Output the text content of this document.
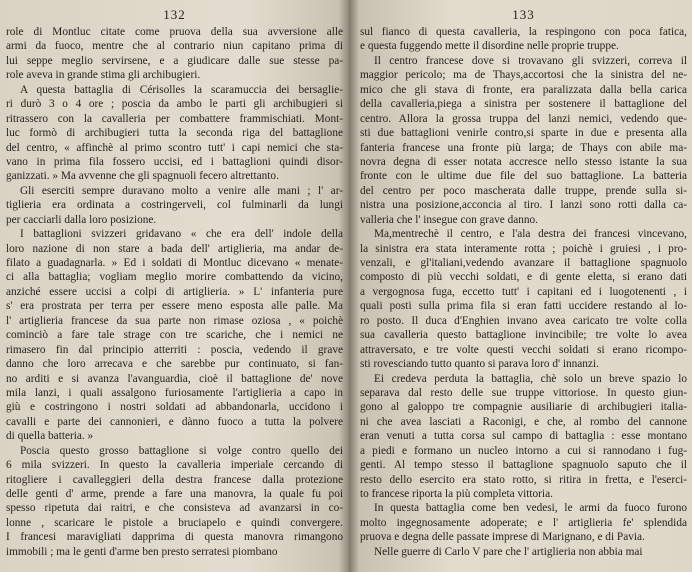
132
role di Montluc citate come pruova della sua avversione alle
armi da fuoco, mentre che al contrario niun capitano prima di
lui seppe meglio servirsene, e a giudicare dalle sue stesse pa-
role aveva in grande stima gli archibugieri.
A questa battaglia di Cérisolles la scaramuccia dei bersaglie-
ri durò 3 o 4 ore ; posciа da ambo le parti gli archibugieri si
ritrassero con la cavalleria per combattere frammischiati. Mont-
luc formò di archibugieri tutta la seconda riga del battaglione
del centro, « affinchè al primo scontro tutt' i capi nemici che sta-
vano in prima fila fossero uccisi, ed i battaglioni quindi disor-
ganizzati. » Ma avvenne che gli spagnuoli fecero altrettanto.
Gli eserciti sempre duravano molto a venire alle mani ; l' ar-
tiglieria era ordinata a costringerveli, col fulminarli da lungi
per cacciarli dalla loro posizione.
I battaglioni svizzeri gridavano « che era dell' indole della
loro nazione di non stare a bada dell' artiglieria, ma andar de-
filato a guadagnarla. » Ed i soldati di Montluc dicevano « menate-
ci alla battaglia; vogliam meglio morire combattendo da vicino,
anziché essere uccisi a colpi di artiglieria. » L' infanteria pure
s' era prostrata per terra per essere meno esposta alle palle. Ma
l' artiglieria francese da sua parte non rimase oziosa , « poichè
cominciò a fare tale strage con tre scariche, che i nemici ne
rimasero fin dal principio atterriti : poscia, vedendo il grave
danno che loro arrecava e che sarebbe pur continuato, si fan-
no arditi e si avanza l'avanguardia, cioè il battaglione de' nove
mila lanzi, i quali assalgono furiosamente l'artiglieria a capo in
giù e costringono i nostri soldati ad abbandonarla, uccidono i
cavalli e parte dei cannonieri, e dànno fuoco a tutta la polvere
di quella batteria. »
Poscia questo grosso battaglione si volge contro quello dei
6 mila svizzeri. In questo la cavalleria imperiale cercando di
ritogliere i cavalleggieri della destra francese dalla protezione
delle genti d' arme, prende a fare una manovra, la quale fu poi
spesso ripetuta dai raitri, e che consisteva ad avanzarsi in co-
lonne , scaricare le pistole a bruciapelo e quindi convergere.
I francesi maravigliati dapprima di questa manovra rimangono
immobili ; ma le genti d'arme ben presto serratesi piombano
133
sul fianco di questa cavalleria, la respingono con poca fatica,
e questa fuggendo mette il disordine nelle proprie truppe.
Il centro francese dove si trovavano gli svizzeri, correva il
maggior pericolo; ma de Thays,accortosi che la sinistra del ne-
mico che gli stava di fronte, era paralizzata dalla bella carica
della cavalleria,piega a sinistra per sostenere il battaglione del
centro. Allora la grossa truppa del lanzi nemici, vedendo que-
sti due battaglioni venirle contro,si sparte in due e presenta alla
fanteria francese una fronte più larga; de Thays con abile ma-
novra degna di esser notata accresce nello stesso istante la sua
fronte con le ultime due file del suo battaglione. La batteria
del centro per poco mascherata dalle truppe, prende sulla si-
nistra una posizione,acconcia al tiro. I lanzi sono rotti dalla ca-
valleria che l' insegue con grave danno.
Ma,mentrechè il centro, e l'ala destra dei francesi vincevano,
la sinistra era stata interamente rotta ; poichè i gruiesi , i pro-
venzali, e gl'italiani,vedendo avanzare il battaglione spagnuolo
composto di più vecchi soldati, e di gente eletta, si erano dati
a vergognosa fuga, eccetto tutt' i capitani ed i luogotenenti , i
quali posti sulla prima fila si eran fatti uccidere restando al lo-
ro posto. Il duca d'Enghien invano avea caricato tre volte colla
sua cavalleria questo battaglione invincibile; tre volte lo avea
attraversato, e tre volte questi vecchi soldati si erano ricompo-
sti rovesciando tutto quanto si parava loro d' innanzi.
Ei credeva perduta la battaglia, chè solo un breve spazio lo
separava dal resto delle sue truppe vittoriose. In questo giun-
gono al galoppo tre compagnie ausiliarie di archibugieri italia-
ni che avea lasciati a Raconigi, e che, al rombo del cannone
eran venuti a tutta corsa sul campo di battaglia : esse montano
a piedi e formano un nucleo intorno a cui si rannodano i fug-
genti. Al tempo stesso il battaglione spagnuolo saputo che il
resto dello esercito era stato rotto, si ritira in fretta, e l'eserci-
to francese riporta la più completa vittoria.
In questa battaglia come ben vedesi, le armi da fuoco furono
molto ingegnosamente adoperate; e l' artiglieria fe' splendida
pruova e degna delle passate imprese di Marignano, e di Pavia.
Nelle guerre di Carlo V pare che l' artiglieria non abbia mai
